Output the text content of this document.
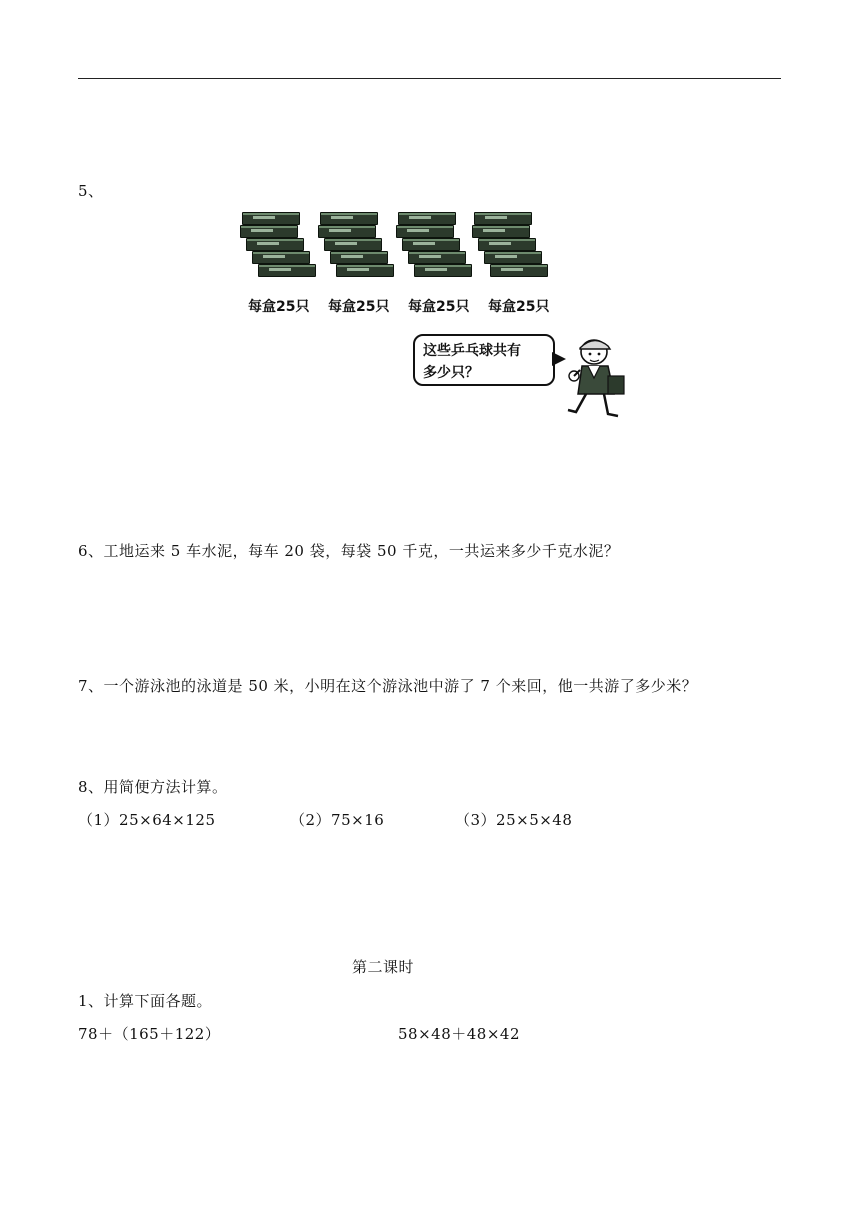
5、
每盒25只 每盒25只 每盒25只 每盒25只
这些乒乓球共有
多少只？
6、工地运来 5 车水泥，每车 20 袋，每袋 50 千克，一共运来多少千克水泥？
7、一个游泳池的泳道是 50 米，小明在这个游泳池中游了 7 个来回，他一共游了多少米？
8、用简便方法计算。
（1）25×64×125	（2）75×16	（3）25×5×48
第二课时
1、计算下面各题。
78＋（165＋122）	58×48＋48×42
